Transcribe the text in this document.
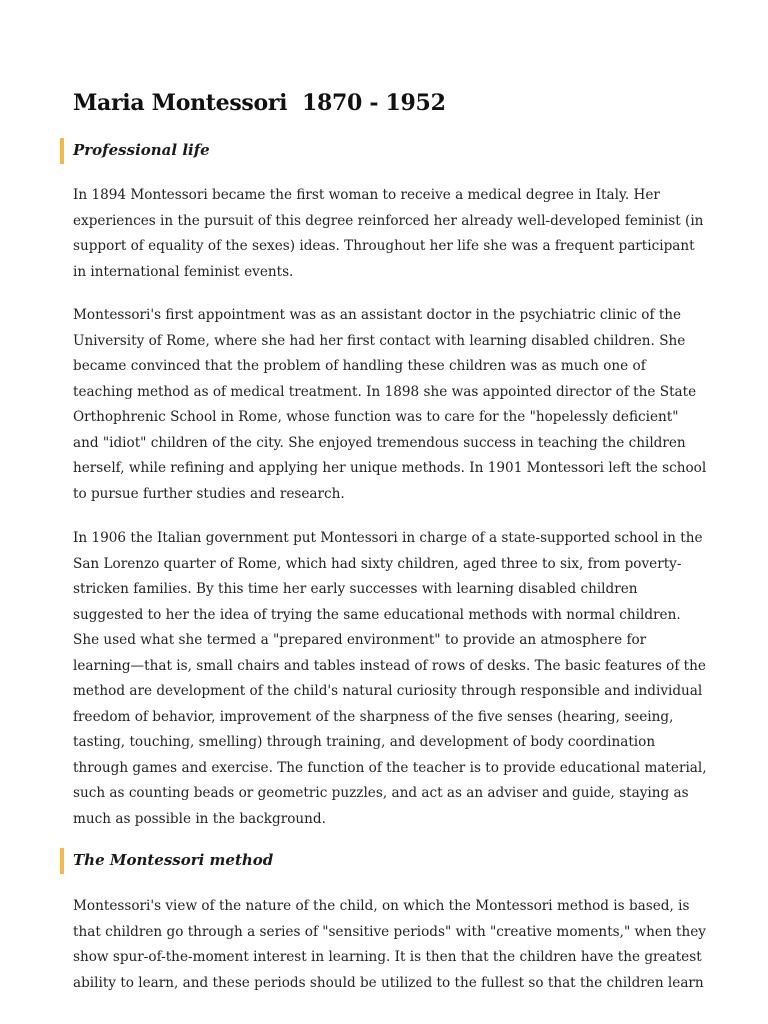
Maria Montessori  1870 - 1952
Professional life
In 1894 Montessori became the first woman to receive a medical degree in Italy. Her
experiences in the pursuit of this degree reinforced her already well-developed feminist (in
support of equality of the sexes) ideas. Throughout her life she was a frequent participant
in international feminist events.
Montessori's first appointment was as an assistant doctor in the psychiatric clinic of the
University of Rome, where she had her first contact with learning disabled children. She
became convinced that the problem of handling these children was as much one of
teaching method as of medical treatment. In 1898 she was appointed director of the State
Orthophrenic School in Rome, whose function was to care for the "hopelessly deficient"
and "idiot" children of the city. She enjoyed tremendous success in teaching the children
herself, while refining and applying her unique methods. In 1901 Montessori left the school
to pursue further studies and research.
In 1906 the Italian government put Montessori in charge of a state-supported school in the
San Lorenzo quarter of Rome, which had sixty children, aged three to six, from poverty-
stricken families. By this time her early successes with learning disabled children
suggested to her the idea of trying the same educational methods with normal children.
She used what she termed a "prepared environment" to provide an atmosphere for
learning—that is, small chairs and tables instead of rows of desks. The basic features of the
method are development of the child's natural curiosity through responsible and individual
freedom of behavior, improvement of the sharpness of the five senses (hearing, seeing,
tasting, touching, smelling) through training, and development of body coordination
through games and exercise. The function of the teacher is to provide educational material,
such as counting beads or geometric puzzles, and act as an adviser and guide, staying as
much as possible in the background.
The Montessori method
Montessori's view of the nature of the child, on which the Montessori method is based, is
that children go through a series of "sensitive periods" with "creative moments," when they
show spur-of-the-moment interest in learning. It is then that the children have the greatest
ability to learn, and these periods should be utilized to the fullest so that the children learn
